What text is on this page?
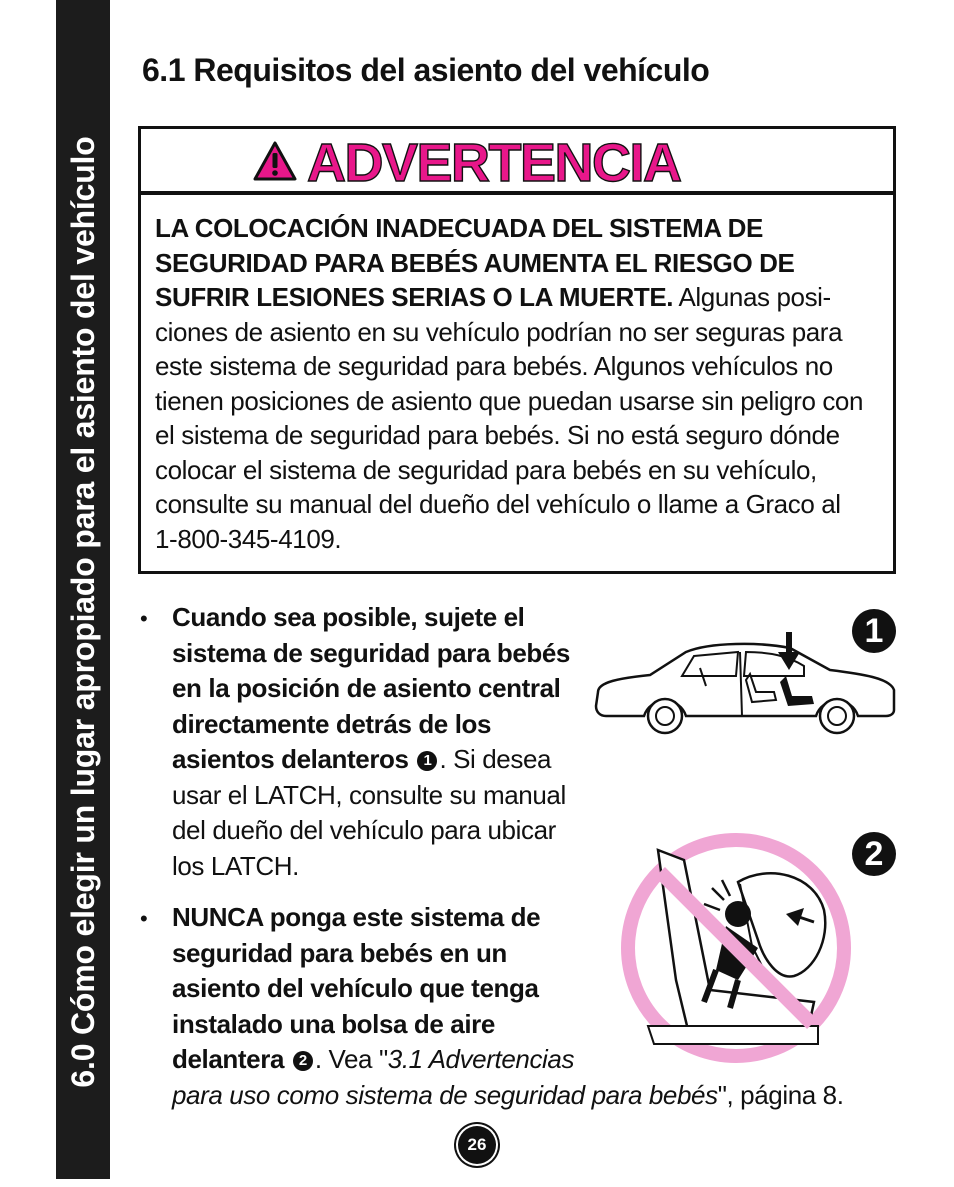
6.0 Cómo elegir un lugar apropiado para el asiento del vehículo
6.1 Requisitos del asiento del vehículo
ADVERTENCIA
LA COLOCACIÓN INADECUADA DEL SISTEMA DE
SEGURIDAD PARA BEBÉS AUMENTA EL RIESGO DE
SUFRIR LESIONES SERIAS O LA MUERTE. Algunas posi-
ciones de asiento en su vehículo podrían no ser seguras para
este sistema de seguridad para bebés. Algunos vehículos no
tienen posiciones de asiento que puedan usarse sin peligro con
el sistema de seguridad para bebés. Si no está seguro dónde
colocar el sistema de seguridad para bebés en su vehículo,
consulte su manual del dueño del vehículo o llame a Graco al
1-800-345-4109.
• Cuando sea posible, sujete el
sistema de seguridad para bebés
en la posición de asiento central
directamente detrás de los
asientos delanteros 1 . Si desea
usar el LATCH, consulte su manual
del dueño del vehículo para ubicar
los LATCH.
• NUNCA ponga este sistema de
seguridad para bebés en un
asiento del vehículo que tenga
instalado una bolsa de aire
delantera 2 . Vea "3.1 Advertencias
para uso como sistema de seguridad para bebés", página 8.
1
2
26
